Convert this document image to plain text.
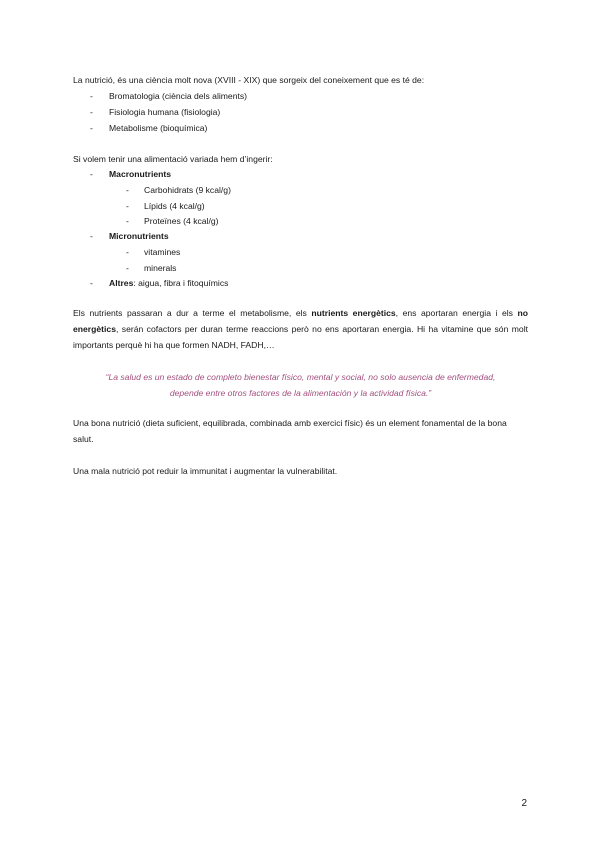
La nutrició, és una ciència molt nova (XVIII - XIX) que sorgeix del coneixement que es té de:

-	Bromatologia (ciència dels aliments)
-	Fisiologia humana (fisiologia)
-	Metabolisme (bioquímica)

Si volem tenir una alimentació variada hem d’ingerir:

-	Macronutrients
-	Carbohidrats (9 kcal/g)
-	Lípids (4 kcal/g)
-	Proteïnes (4 kcal/g)
-	Micronutrients
-	vitamines
-	minerals
-	Altres: aigua, fibra i fitoquímics

Els nutrients passaran a dur a terme el metabolisme, els nutrients energètics, ens aportaran energia i els no energètics, serán cofactors per duran terme reaccions però no ens aportaran energia. Hi ha vitamine que són molt importants perquè hi ha que formen NADH, FADH,…

“La salud es un estado de completo bienestar físico, mental y social, no solo ausencia de enfermedad,
depende entre otros factores de la alimentación y la actividad física.”

Una bona nutrició (dieta suficient, equilibrada, combinada amb exercici físic) és un element fonamental de la bona salut.

Una mala nutrició pot reduir la immunitat i augmentar la vulnerabilitat.

2
